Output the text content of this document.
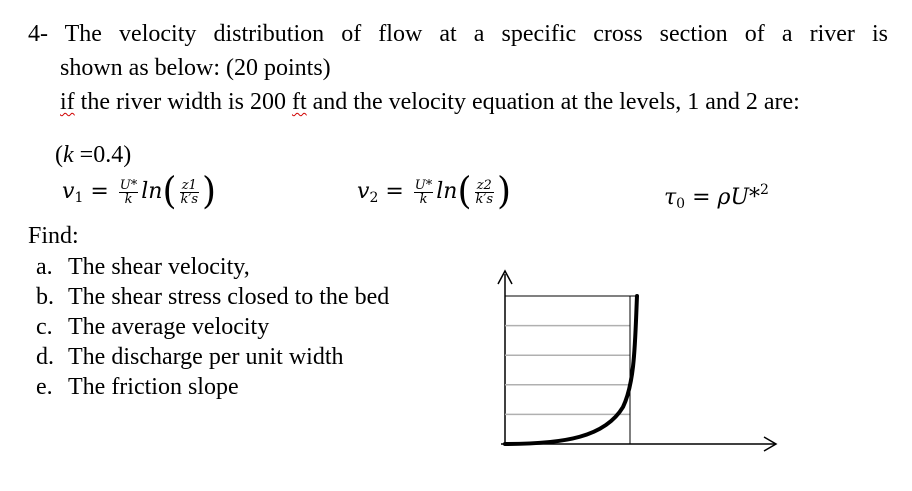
4- The velocity distribution of flow at a specific cross section of a river is
shown as below: (20 points)
if the river width is 200 ft and the velocity equation at the levels, 1 and 2 are:
(k =0.4)
$v_1 = \frac{U*}{k} \ln( \frac{z1}{k's}$ )	$v_2 = \frac{U*}{k} \ln( \frac{z2}{k's}$ )	$\tau_0 = \rho U*^2$
Find:
a. The shear velocity,
b. The shear stress closed to the bed
c. The average velocity
d. The discharge per unit width
e. The friction slope
